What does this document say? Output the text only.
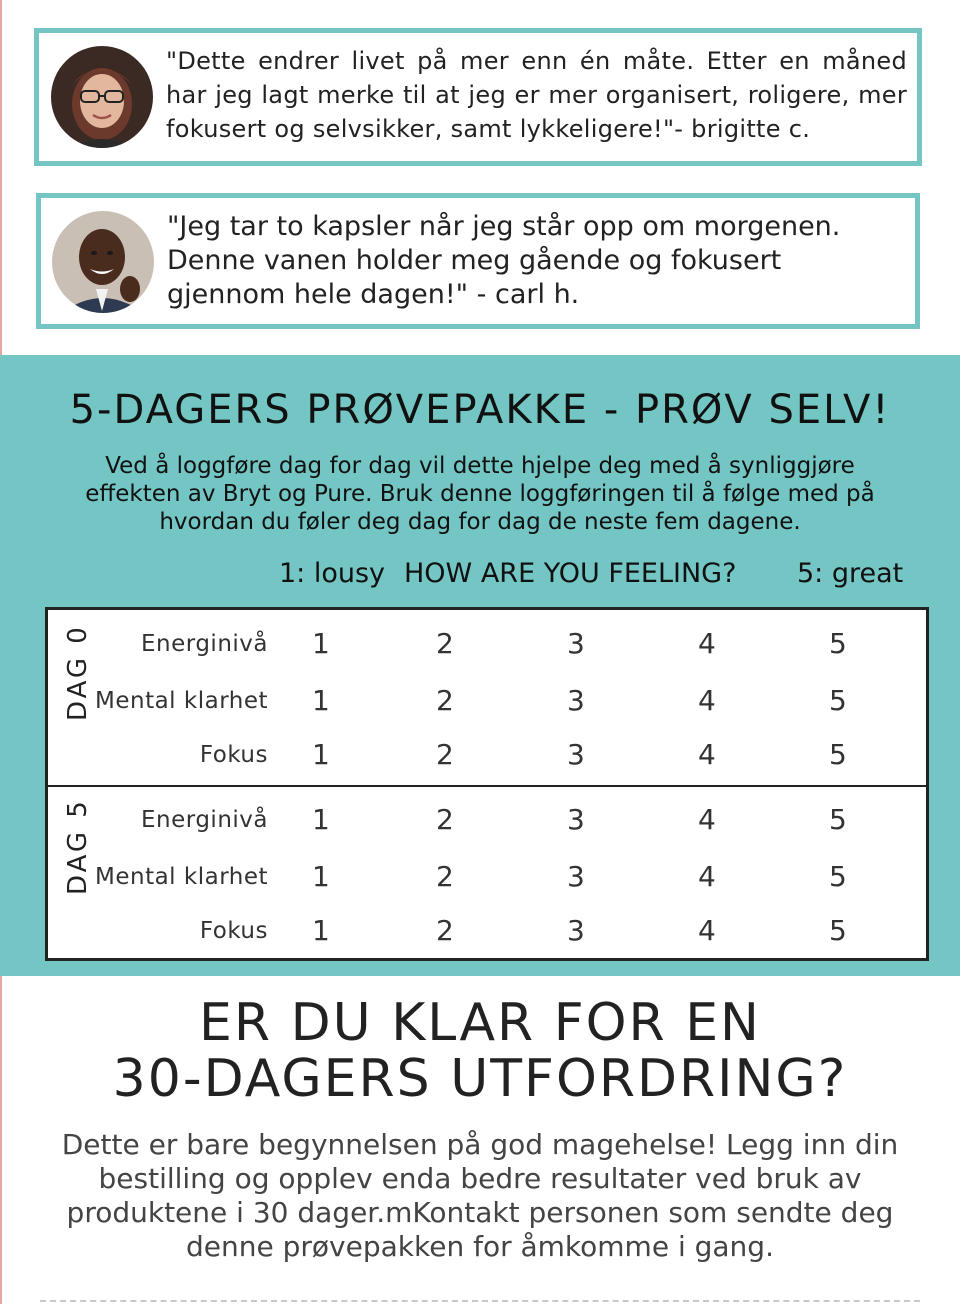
"Dette endrer livet på mer enn én måte. Etter en måned har jeg lagt merke til at jeg er mer organisert, roligere, mer fokusert og selvsikker, samt lykkeligere!"- brigitte c.
"Jeg tar to kapsler når jeg står opp om morgenen.
Denne vanen holder meg gående og fokusert
gjennom hele dagen!" - carl h.
5-DAGERS PRØVEPAKKE - PRØV SELV!
Ved å loggføre dag for dag vil dette hjelpe deg med å synliggjøre
effekten av Bryt og Pure. Bruk denne loggføringen til å følge med på
hvordan du føler deg dag for dag de neste fem dagene.
1: lousy HOW ARE YOU FEELING? 5: great
DAG 0 Energinivå 1	2	3	4	5
Mental klarhet 1	2	3	4	5
Fokus 1	2	3	4	5
DAG 5 Energinivå 1	2	3	4	5
Mental klarhet 1	2	3	4	5
Fokus 1	2	3	4	5
ER DU KLAR FOR EN
30-DAGERS UTFORDRING?
Dette er bare begynnelsen på god magehelse! Legg inn din
bestilling og opplev enda bedre resultater ved bruk av
produktene i 30 dager.mKontakt personen som sendte deg
denne prøvepakken for åmkomme i gang.
